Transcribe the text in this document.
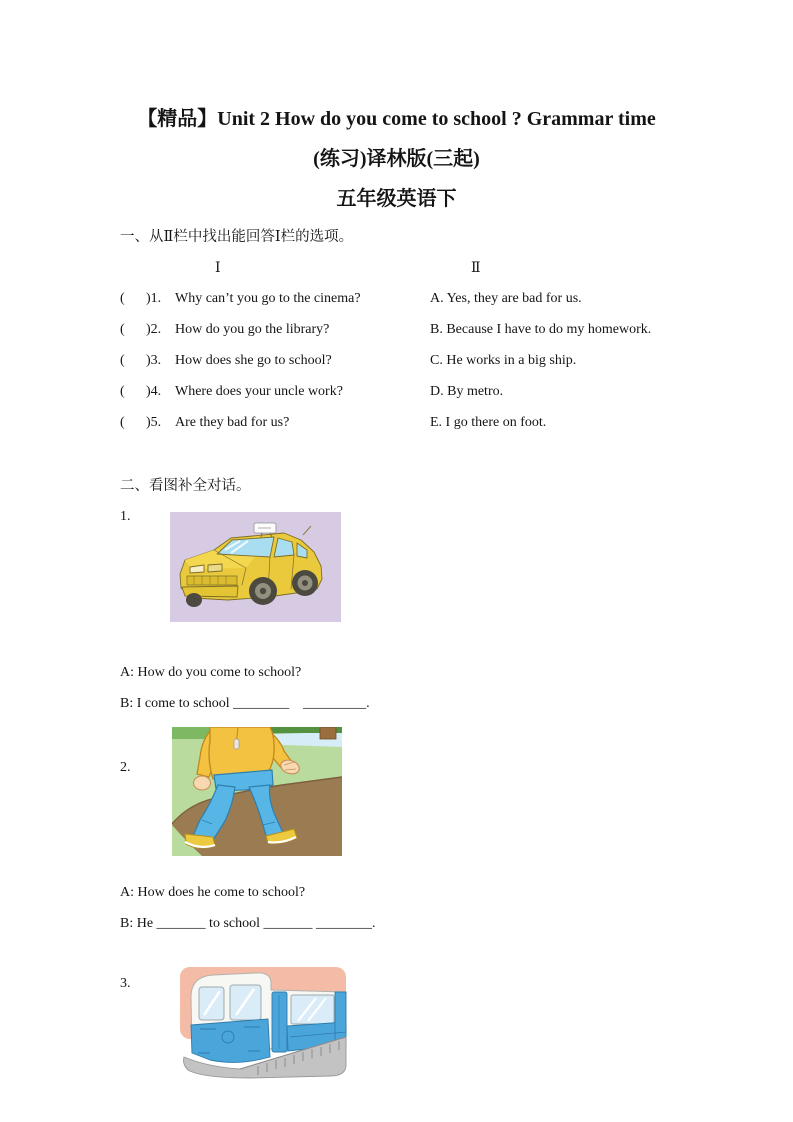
【精品】Unit 2 How do you come to school ? Grammar time
(练习)译林版(三起)
五年级英语下
一、从Ⅱ栏中找出能回答Ⅰ栏的选项。
Ⅰ	Ⅱ
( )1. Why can’t you go to the cinema?	A. Yes, they are bad for us.
( )2. How do you go the library?	B. Because I have to do my homework.
( )3. How does she go to school?	C. He works in a big ship.
( )4. Where does your uncle work?	D. By metro.
( )5. Are they bad for us?	E. I go there on foot.
二、看图补全对话。
1.
A: How do you come to school?
B: I come to school ________    _________.
2.
A: How does he come to school?
B: He _______ to school _______ ________.
3.
